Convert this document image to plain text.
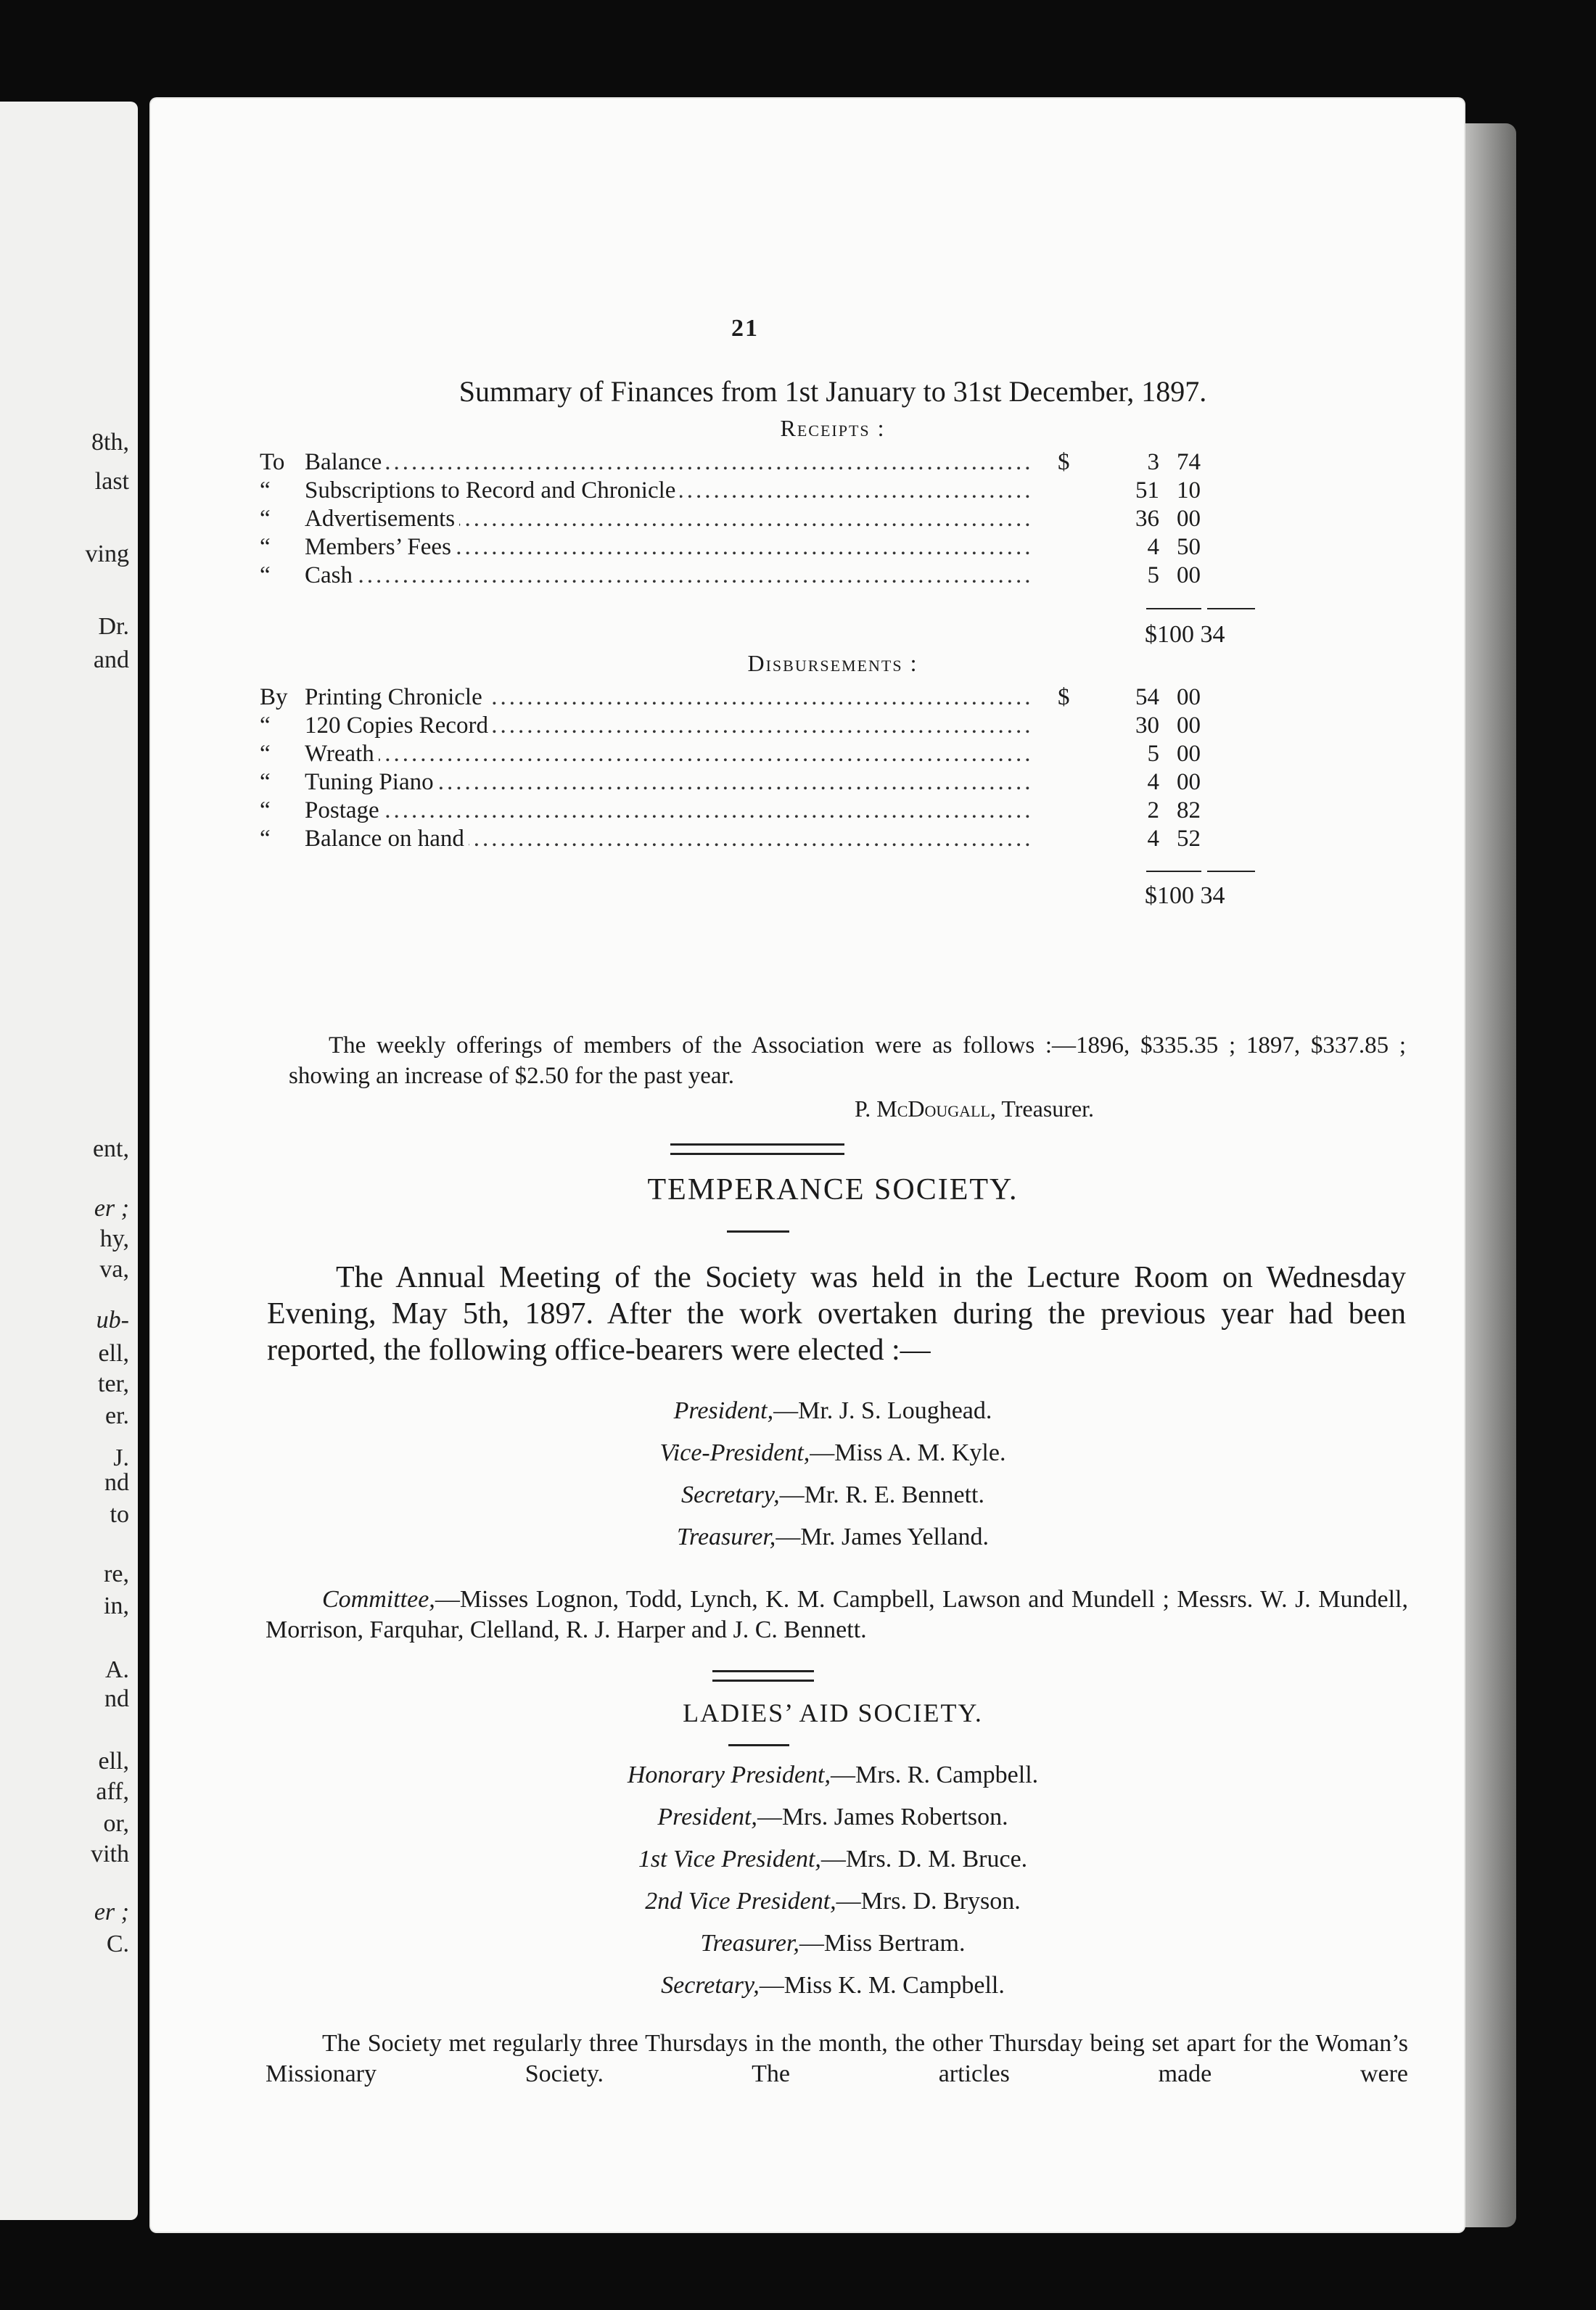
8th,
last
ving
Dr.
and
ent,
er ;
hy,
va,
ub-
ell,
ter,
er.
J.
nd
to
re,
in,
A.
nd
ell,
aff,
or,
vith
er ;
C.
21
Summary of Finances from 1st January to 31st December, 1897.
Receipts :
To Balance .....	$	3 74
“	Subscriptions to Record and Chronicle .....	51 10
“	Advertisements .....	36 00
“	Members’ Fees .....	4 50
“	Cash .....	5 00
$100 34
Disbursements :
By Printing Chronicle .....	$	54 00
“	120 Copies Record .....	30 00
“	Wreath .....	5 00
“	Tuning Piano .....	4 00
“	Postage .....	2 82
“	Balance on hand .....	4 52
$100 34

The weekly offerings of members of the Association were as follows :—1896, $335.35 ; 1897, $337.85 ; showing an increase of $2.50 for the past year.

P. McDougall, Treasurer.
TEMPERANCE SOCIETY.

The Annual Meeting of the Society was held in the Lecture Room on Wednesday Evening, May 5th, 1897. After the work overtaken during the previous year had been reported, the following office-bearers were elected :—

President,—Mr. J. S. Loughead.
Vice-President,—Miss A. M. Kyle.
Secretary,—Mr. R. E. Bennett.
Treasurer,—Mr. James Yelland.

Committee,—Misses Lognon, Todd, Lynch, K. M. Campbell, Lawson and Mundell ; Messrs. W. J. Mundell, Morrison, Farquhar, Clelland, R. J. Harper and J. C. Bennett.

LADIES’ AID SOCIETY.
Honorary President,—Mrs. R. Campbell.
President,—Mrs. James Robertson.
1st Vice President,—Mrs. D. M. Bruce.
2nd Vice President,—Mrs. D. Bryson.
Treasurer,—Miss Bertram.
Secretary,—Miss K. M. Campbell.

The Society met regularly three Thursdays in the month, the other Thursday being set apart for the Woman’s Missionary Society. The articles made were
